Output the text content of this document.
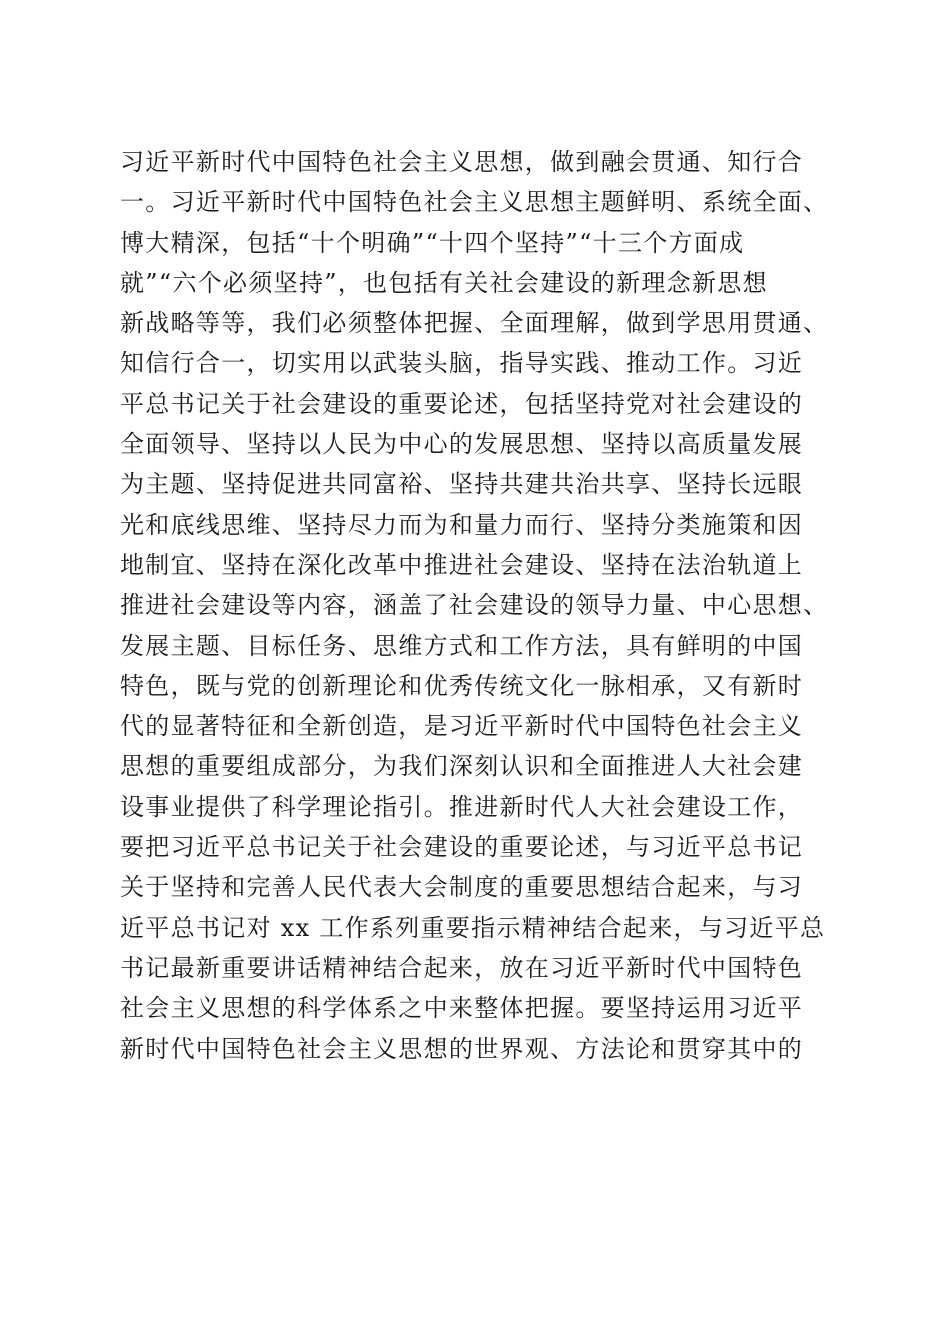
习近平新时代中国特色社会主义思想，做到融会贯通、知行合
一。习近平新时代中国特色社会主义思想主题鲜明、系统全面、
博大精深，包括“十个明确”“十四个坚持”“十三个方面成
就”“六个必须坚持”，也包括有关社会建设的新理念新思想
新战略等等，我们必须整体把握、全面理解，做到学思用贯通、
知信行合一，切实用以武装头脑，指导实践、推动工作。习近
平总书记关于社会建设的重要论述，包括坚持党对社会建设的
全面领导、坚持以人民为中心的发展思想、坚持以高质量发展
为主题、坚持促进共同富裕、坚持共建共治共享、坚持长远眼
光和底线思维、坚持尽力而为和量力而行、坚持分类施策和因
地制宜、坚持在深化改革中推进社会建设、坚持在法治轨道上
推进社会建设等内容，涵盖了社会建设的领导力量、中心思想、
发展主题、目标任务、思维方式和工作方法，具有鲜明的中国
特色，既与党的创新理论和优秀传统文化一脉相承，又有新时
代的显著特征和全新创造，是习近平新时代中国特色社会主义
思想的重要组成部分，为我们深刻认识和全面推进人大社会建
设事业提供了科学理论指引。推进新时代人大社会建设工作，
要把习近平总书记关于社会建设的重要论述，与习近平总书记
关于坚持和完善人民代表大会制度的重要思想结合起来，与习
近平总书记对 xx 工作系列重要指示精神结合起来，与习近平总
书记最新重要讲话精神结合起来，放在习近平新时代中国特色
社会主义思想的科学体系之中来整体把握。要坚持运用习近平
新时代中国特色社会主义思想的世界观、方法论和贯穿其中的
